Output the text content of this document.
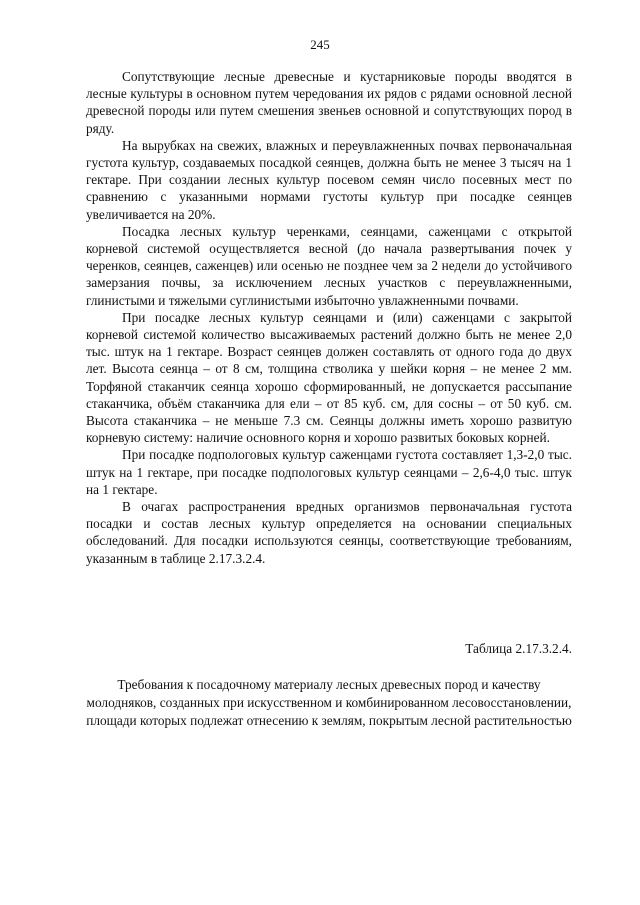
245

Сопутствующие лесные древесные и кустарниковые породы вводятся в лесные культуры в основном путем чередования их рядов с рядами основной лесной древесной породы или путем смешения звеньев основной и сопутствующих пород в ряду.

На вырубках на свежих, влажных и переувлажненных почвах первоначальная густота культур, создаваемых посадкой сеянцев, должна быть не менее 3 тысяч на 1 гектаре. При создании лесных культур посевом семян число посевных мест по сравнению с указанными нормами густоты культур при посадке сеянцев увеличивается на 20%.

Посадка лесных культур черенками, сеянцами, саженцами с открытой корневой системой осуществляется весной (до начала развертывания почек у черенков, сеянцев, саженцев) или осенью не позднее чем за 2 недели до устойчивого замерзания почвы, за исключением лесных участков с переувлажненными, глинистыми и тяжелыми суглинистыми избыточно увлажненными почвами.

При посадке лесных культур сеянцами и (или) саженцами с закрытой корневой системой количество высаживаемых растений должно быть не менее 2,0 тыс. штук на 1 гектаре. Возраст сеянцев должен составлять от одного года до двух лет. Высота сеянца – от 8 см, толщина стволика у шейки корня – не менее 2 мм. Торфяной стаканчик сеянца хорошо сформированный, не допускается рассыпание стаканчика, объём стаканчика для ели – от 85 куб. см, для сосны – от 50 куб. см. Высота стаканчика – не меньше 7.3 см. Сеянцы должны иметь хорошо развитую корневую систему: наличие основного корня и хорошо развитых боковых корней.

При посадке подпологовых культур саженцами густота составляет 1,3-2,0 тыс. штук на 1 гектаре, при посадке подпологовых культур сеянцами – 2,6-4,0 тыс. штук на 1 гектаре.

В очагах распространения вредных организмов первоначальная густота посадки и состав лесных культур определяется на основании специальных обследований. Для посадки используются сеянцы, соответствующие требованиям, указанным в таблице 2.17.3.2.4.

Таблица 2.17.3.2.4.
Требования к посадочному материалу лесных древесных пород и качеству молодняков, созданных при искусственном и комбинированном лесовосстановлении, площади которых подлежат отнесению к землям, покрытым лесной растительностью
